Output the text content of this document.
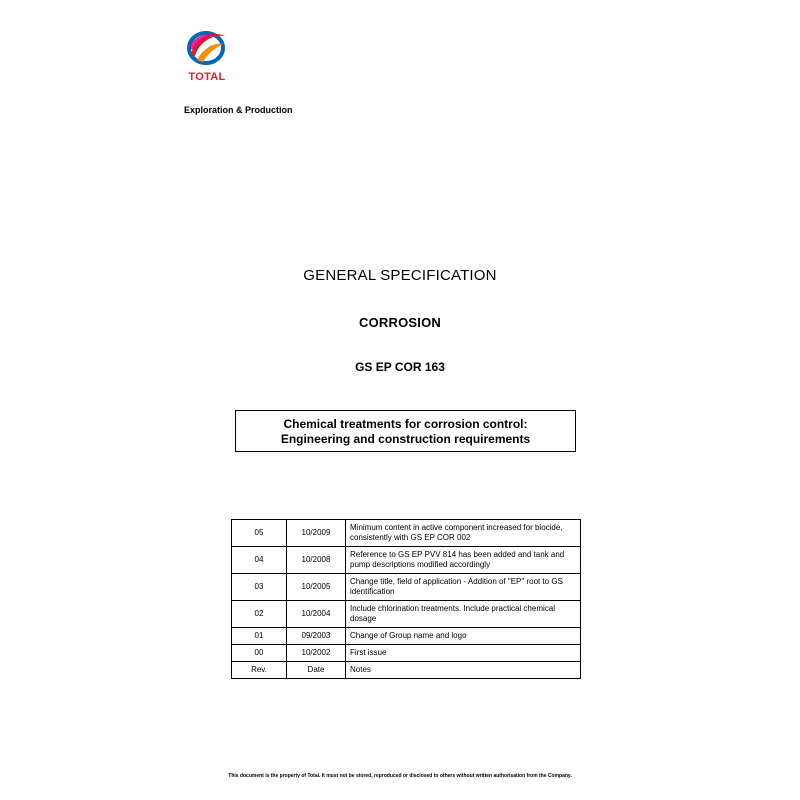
TOTAL
Exploration & Production
GENERAL SPECIFICATION
CORROSION
GS EP COR 163
Chemical treatments for corrosion control:
Engineering and construction requirements
05	10/2009	Minimum content in active component increased for biocide, consistently with GS EP COR 002
04	10/2008	Reference to GS EP PVV 814 has been added and tank and pump descriptions modified accordingly
03	10/2005	Change title, field of application - Addition of "EP" root to GS identification
02	10/2004	Include chlorination treatments. Include practical chemical dosage
01	09/2003	Change of Group name and logo
00	10/2002	First issue
Rev.	Date	Notes
This document is the property of Total. It must not be stored, reproduced or disclosed to others without written authorisation from the Company.
